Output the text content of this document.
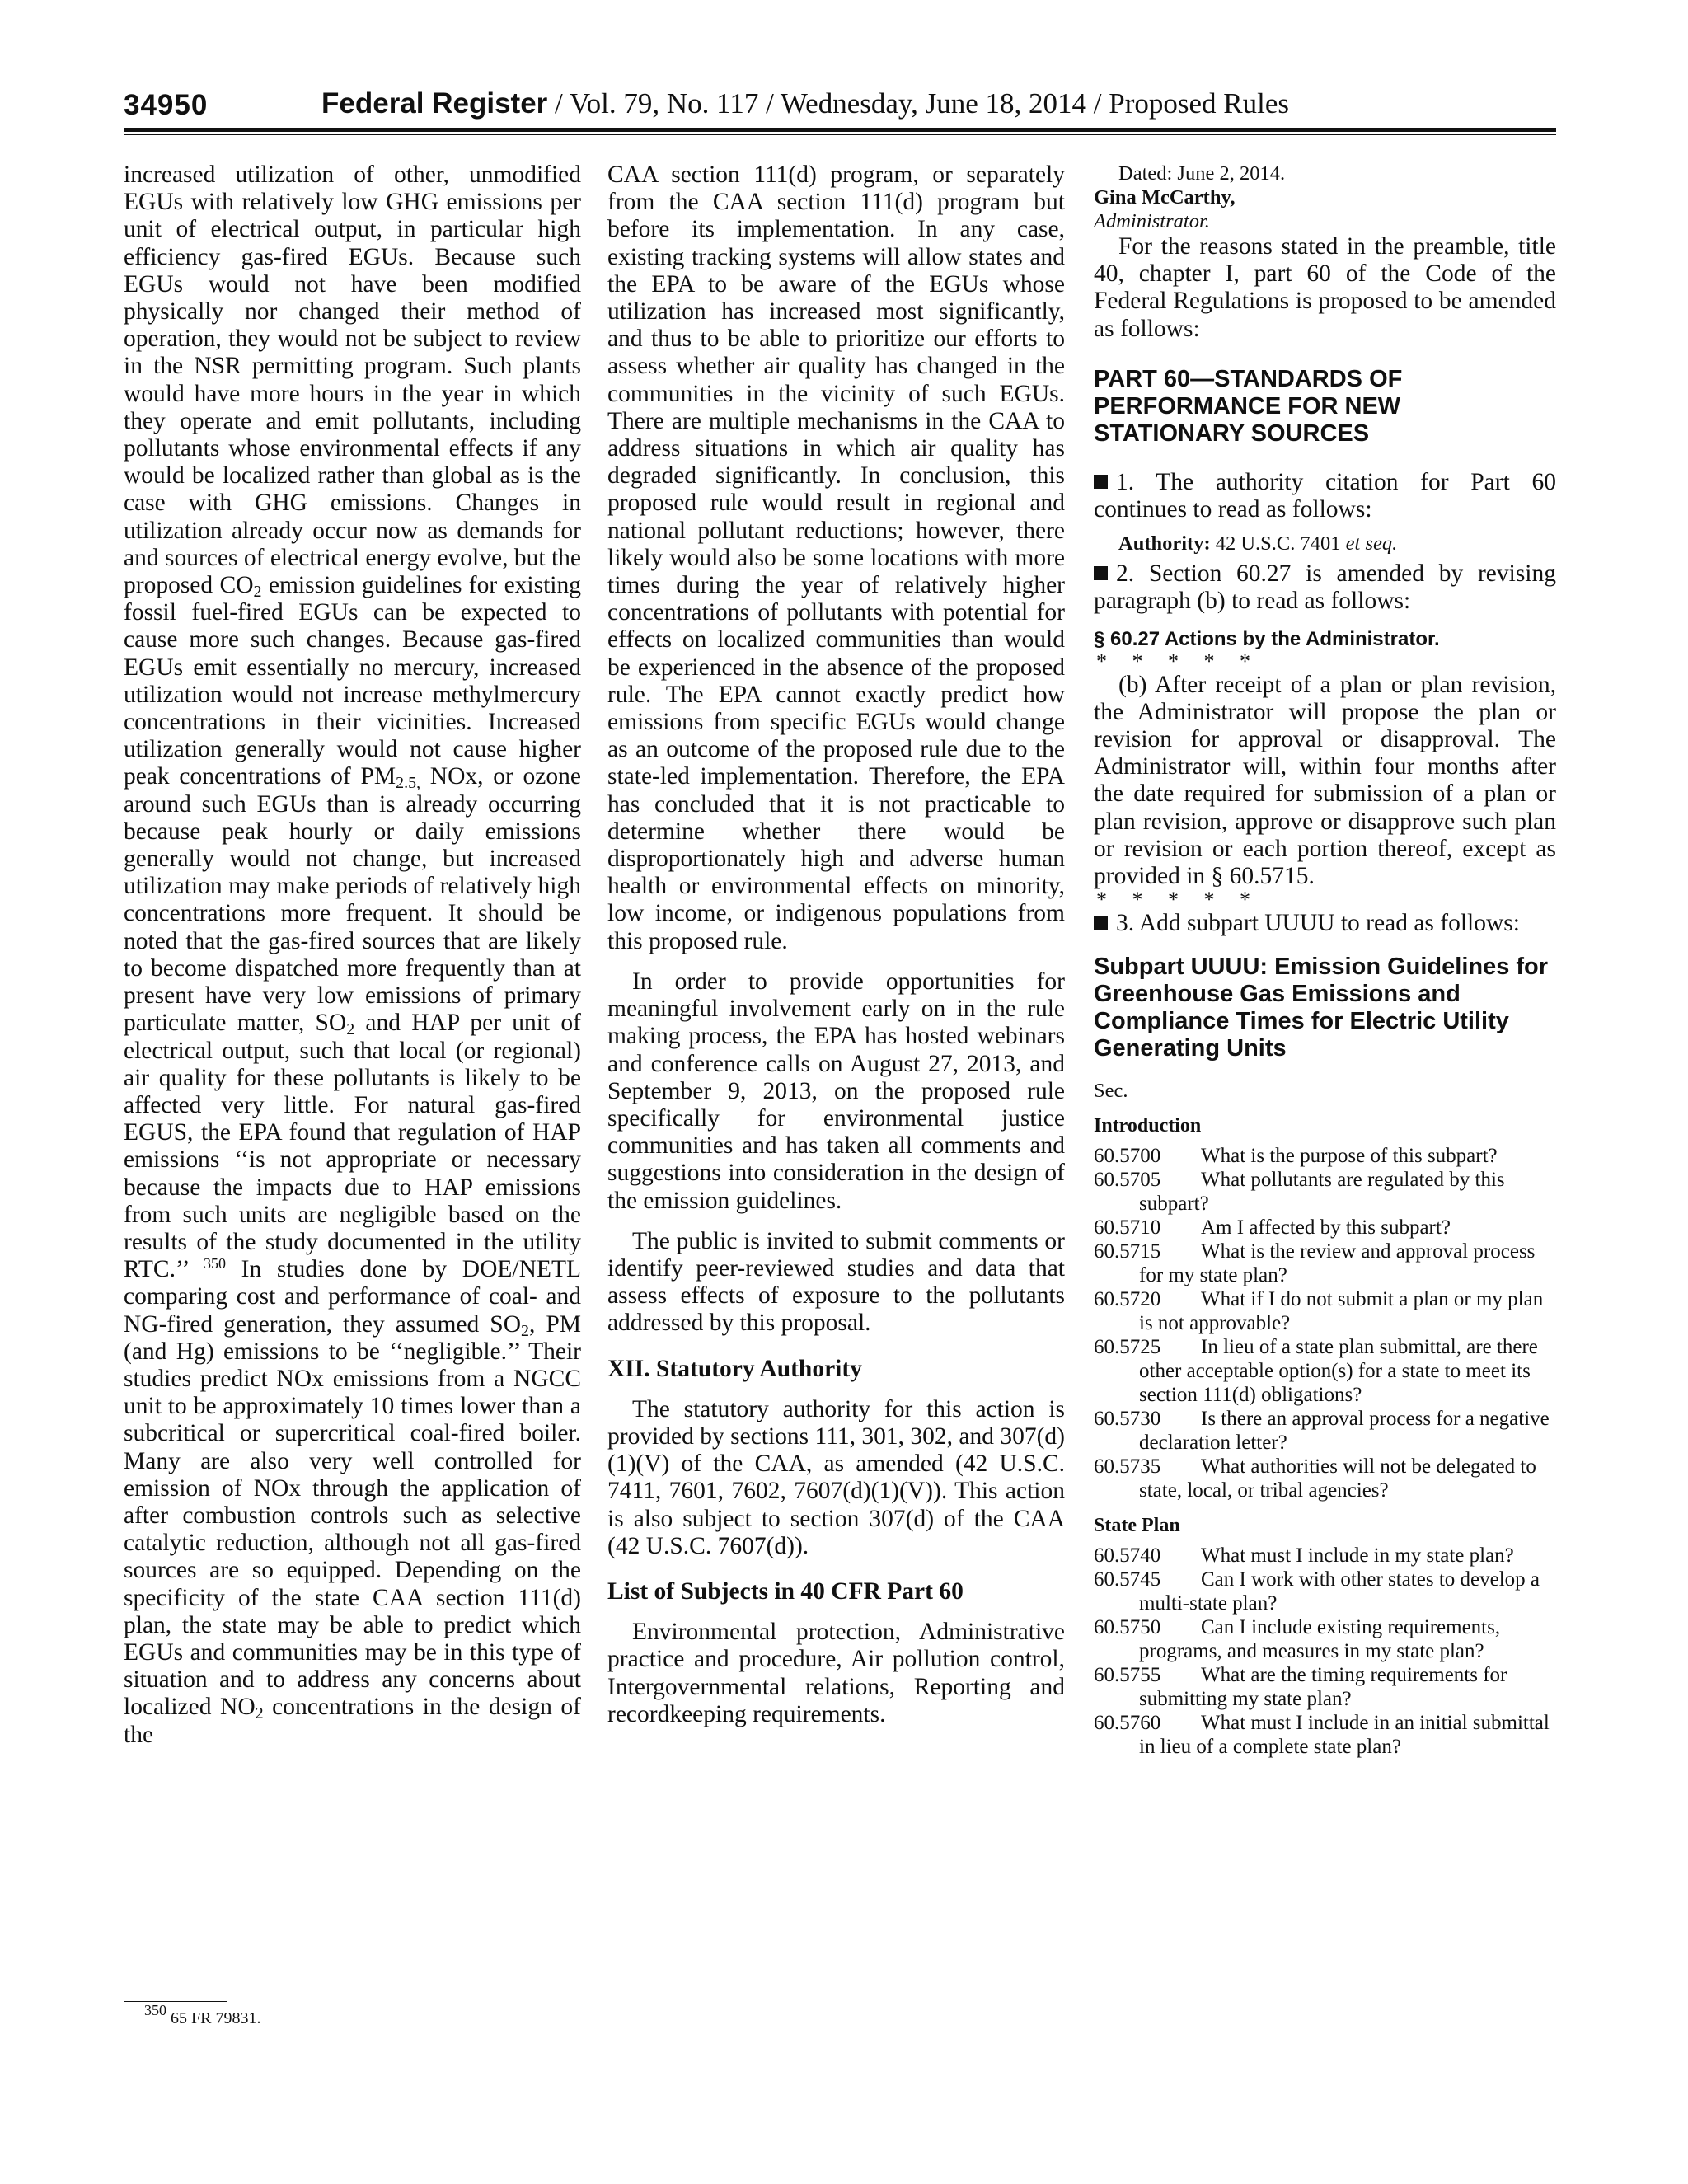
34950	Federal Register / Vol. 79, No. 117 / Wednesday, June 18, 2014 / Proposed Rules

increased utilization of other, unmodified EGUs with relatively low GHG emissions per unit of electrical output, in particular high efficiency gas-fired EGUs. Because such EGUs would not have been modified physically nor changed their method of operation, they would not be subject to review in the NSR permitting program. Such plants would have more hours in the year in which they operate and emit pollutants, including pollutants whose environmental effects if any would be localized rather than global as is the case with GHG emissions. Changes in utilization already occur now as demands for and sources of electrical energy evolve, but the proposed $CO_2$ emission guidelines for existing fossil fuel-fired EGUs can be expected to cause more such changes. Because gas-fired EGUs emit essentially no mercury, increased utilization would not increase methylmercury concentrations in their vicinities. Increased utilization generally would not cause higher peak concentrations of $PM_{2.5,}$ NOx, or ozone around such EGUs than is already occurring because peak hourly or daily emissions generally would not change, but increased utilization may make periods of relatively high concentrations more frequent. It should be noted that the gas-fired sources that are likely to become dispatched more frequently than at present have very low emissions of primary particulate matter, $SO_2$ and HAP per unit of electrical output, such that local (or regional) air quality for these pollutants is likely to be affected very little. For natural gas-fired EGUS, the EPA found that regulation of HAP emissions ‘‘is not appropriate or necessary because the impacts due to HAP emissions from such units are negligible based on the results of the study documented in the utility RTC.’’ $^{350}$ In studies done by DOE/NETL comparing cost and performance of coal- and NG-fired generation, they assumed $SO_2$, PM (and Hg) emissions to be ‘‘negligible.’’ Their studies predict NOx emissions from a NGCC unit to be approximately 10 times lower than a subcritical or supercritical coal-fired boiler. Many are also very well controlled for emission of NOx through the application of after combustion controls such as selective catalytic reduction, although not all gas-fired sources are so equipped. Depending on the specificity of the state CAA section 111(d) plan, the state may be able to predict which EGUs and communities may be in this type of situation and to address any concerns about localized $NO_2$ concentrations in the design of the

$^{350}$ 65 FR 79831.

CAA section 111(d) program, or separately from the CAA section 111(d) program but before its implementation. In any case, existing tracking systems will allow states and the EPA to be aware of the EGUs whose utilization has increased most significantly, and thus to be able to prioritize our efforts to assess whether air quality has changed in the communities in the vicinity of such EGUs. There are multiple mechanisms in the CAA to address situations in which air quality has degraded significantly. In conclusion, this proposed rule would result in regional and national pollutant reductions; however, there likely would also be some locations with more times during the year of relatively higher concentrations of pollutants with potential for effects on localized communities than would be experienced in the absence of the proposed rule. The EPA cannot exactly predict how emissions from specific EGUs would change as an outcome of the proposed rule due to the state-led implementation. Therefore, the EPA has concluded that it is not practicable to determine whether there would be disproportionately high and adverse human health or environmental effects on minority, low income, or indigenous populations from this proposed rule.

In order to provide opportunities for meaningful involvement early on in the rule making process, the EPA has hosted webinars and conference calls on August 27, 2013, and September 9, 2013, on the proposed rule specifically for environmental justice communities and has taken all comments and suggestions into consideration in the design of the emission guidelines.

The public is invited to submit comments or identify peer-reviewed studies and data that assess effects of exposure to the pollutants addressed by this proposal.

XII. Statutory Authority

The statutory authority for this action is provided by sections 111, 301, 302, and 307(d)(1)(V) of the CAA, as amended (42 U.S.C. 7411, 7601, 7602, 7607(d)(1)(V)). This action is also subject to section 307(d) of the CAA (42 U.S.C. 7607(d)).

List of Subjects in 40 CFR Part 60

Environmental protection, Administrative practice and procedure, Air pollution control, Intergovernmental relations, Reporting and recordkeeping requirements.

Dated: June 2, 2014.

Gina McCarthy,

Administrator.

For the reasons stated in the preamble, title 40, chapter I, part 60 of the Code of the Federal Regulations is proposed to be amended as follows:

PART 60—STANDARDS OF PERFORMANCE FOR NEW STATIONARY SOURCES

1. The authority citation for Part 60 continues to read as follows:

Authority: 42 U.S.C. 7401 et seq.

2. Section 60.27 is amended by revising paragraph (b) to read as follows:

§ 60.27 Actions by the Administrator.

* * * * *

(b) After receipt of a plan or plan revision, the Administrator will propose the plan or revision for approval or disapproval. The Administrator will, within four months after the date required for submission of a plan or plan revision, approve or disapprove such plan or revision or each portion thereof, except as provided in § 60.5715.

* * * * *

3. Add subpart UUUU to read as follows:

Subpart UUUU: Emission Guidelines for Greenhouse Gas Emissions and Compliance Times for Electric Utility Generating Units

Sec.

Introduction
60.5700 What is the purpose of this subpart?
60.5705 What pollutants are regulated by this subpart?
60.5710 Am I affected by this subpart?
60.5715 What is the review and approval process for my state plan?
60.5720 What if I do not submit a plan or my plan is not approvable?
60.5725 In lieu of a state plan submittal, are there other acceptable option(s) for a state to meet its section 111(d) obligations?
60.5730 Is there an approval process for a negative declaration letter?
60.5735 What authorities will not be delegated to state, local, or tribal agencies?
State Plan
60.5740 What must I include in my state plan?
60.5745 Can I work with other states to develop a multi-state plan?
60.5750 Can I include existing requirements, programs, and measures in my state plan?
60.5755 What are the timing requirements for submitting my state plan?
60.5760 What must I include in an initial submittal in lieu of a complete state plan?
